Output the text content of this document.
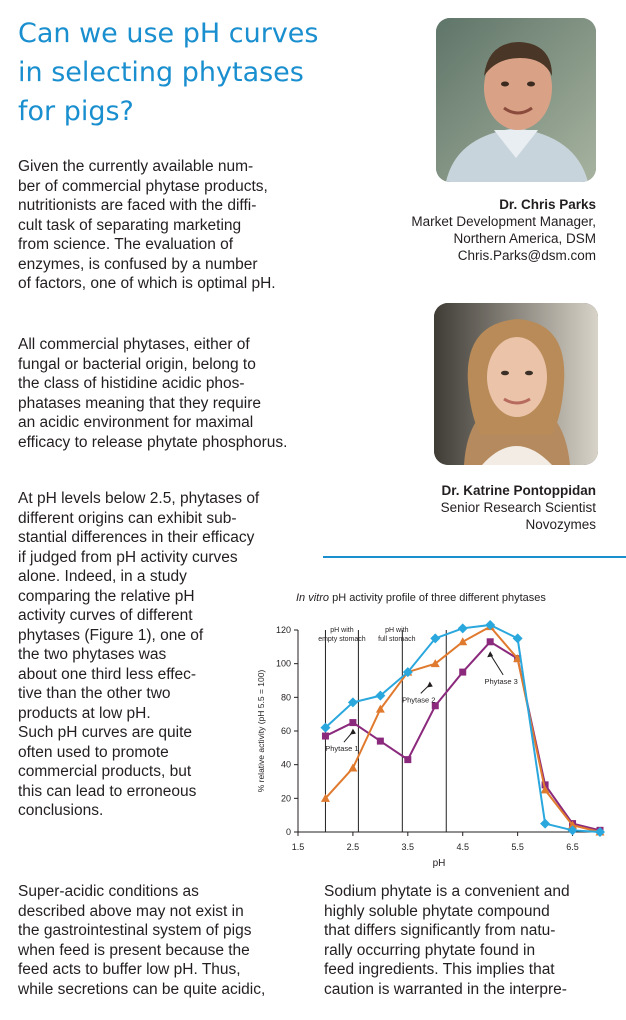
Can we use pH curves in selecting phytases for pigs?

Given the currently available num-
ber of commercial phytase products,
nutritionists are faced with the diffi-
cult task of separating marketing
from science. The evaluation of
enzymes, is confused by a number
of factors, one of which is optimal pH.

All commercial phytases, either of
fungal or bacterial origin, belong to
the class of histidine acidic phos-
phatases meaning that they require
an acidic environment for maximal
efficacy to release phytate phosphorus.

At pH levels below 2.5, phytases of
different origins can exhibit sub-
stantial differences in their efficacy
if judged from pH activity curves
alone. Indeed, in a study
comparing the relative pH
activity curves of different
phytases (Figure 1), one of
the two phytases was
about one third less effec-
tive than the other two
products at low pH.
Such pH curves are quite
often used to promote
commercial products, but
this can lead to erroneous
conclusions.

Super-acidic conditions as
described above may not exist in
the gastrointestinal system of pigs
when feed is present because the
feed acts to buffer low pH. Thus,
while secretions can be quite acidic,

Sodium phytate is a convenient and
highly soluble phytate compound
that differs significantly from natu-
rally occurring phytate found in
feed ingredients. This implies that
caution is warranted in the interpre-
Dr. Chris Parks
Market Development Manager,
Northern America, DSM
Chris.Parks@dsm.com
Dr. Katrine Pontoppidan
Senior Research Scientist
Novozymes
In vitro pH activity profile of three different phytases
0
20
40
60
80
100
120
1.5	2.5	3.5	4.5	5.5	6.5
pH
% relative activity (pH 5.5 = 100)
pH with
empty stomach
pH with
full stomach
Phytase 1
Phytase 2
Phytase 3
